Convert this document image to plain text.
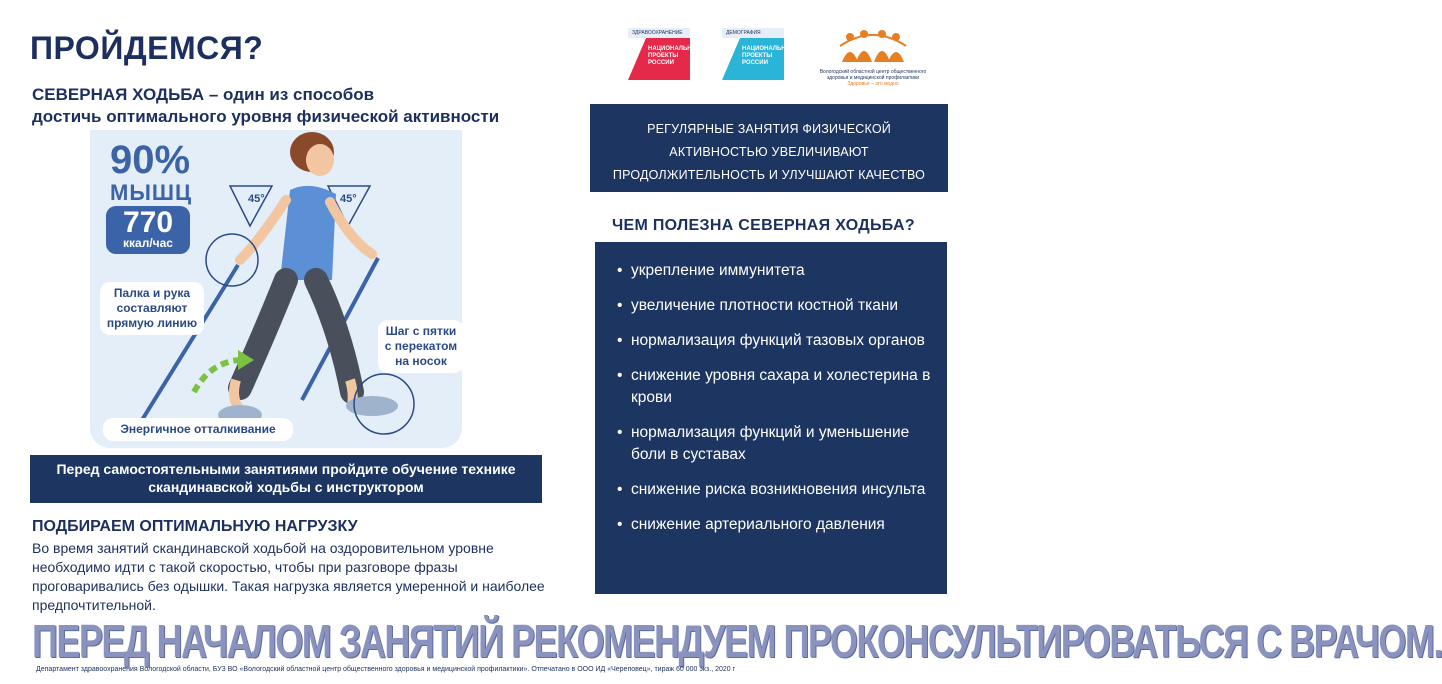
ПРОЙДЕМСЯ?
СЕВЕРНАЯ ХОДЬБА – один из способов
достичь оптимального уровня физической активности
ЗДРАВООХРАНЕНИЕ
НАЦИОНАЛЬНЫЕ ПРОЕКТЫ РОССИИ
ДЕМОГРАФИЯ
НАЦИОНАЛЬНЫЕ ПРОЕКТЫ РОССИИ
Вологодский областной центр общественного здоровья и медицинской профилактики
Здоровье – это модно
90%
МЫШЦ
770
ккал/час
45°	45°
Палка и рука составляют прямую линию
Шаг с пятки с перекатом на носок
Энергичное отталкивание
Перед самостоятельными занятиями пройдите обучение технике скандинавской ходьбы с инструктором
ПОДБИРАЕМ ОПТИМАЛЬНУЮ НАГРУЗКУ
Во время занятий скандинавской ходьбой на оздоровительном уровне необходимо идти с такой скоростью, чтобы при разговоре фразы проговаривались без одышки. Такая нагрузка является умеренной и наиболее предпочтительной.
РЕГУЛЯРНЫЕ ЗАНЯТИЯ ФИЗИЧЕСКОЙ АКТИВНОСТЬЮ УВЕЛИЧИВАЮТ ПРОДОЛЖИТЕЛЬНОСТЬ И УЛУЧШАЮТ КАЧЕСТВО ЖИЗНИ ЧЕЛОВЕКА.
ЧЕМ ПОЛЕЗНА СЕВЕРНАЯ ХОДЬБА?
• укрепление иммунитета
• увеличение плотности костной ткани
• нормализация функций тазовых органов
• снижение уровня сахара и холестерина в крови
• нормализация функций и уменьшение боли в суставах
• снижение риска возникновения инсульта
• снижение артериального давления
ПЕРЕД НАЧАЛОМ ЗАНЯТИЙ РЕКОМЕНДУЕМ ПРОКОНСУЛЬТИРОВАТЬСЯ С ВРАЧОМ.
Департамент здравоохранения Вологодской области, БУЗ ВО «Вологодский областной центр общественного здоровья и медицинской профилактики». Отпечатано в ООО ИД «Череповец», тираж 60 000 экз., 2020 г
